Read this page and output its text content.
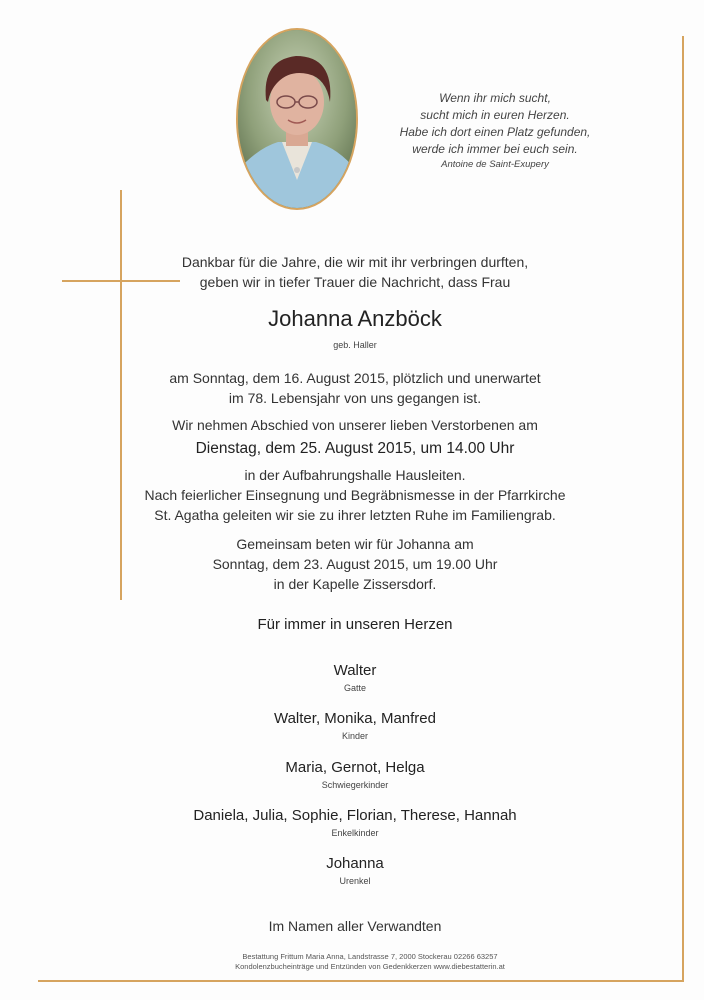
Wenn ihr mich sucht,
sucht mich in euren Herzen.
Habe ich dort einen Platz gefunden,
werde ich immer bei euch sein.
Antoine de Saint-Exupery
Dankbar für die Jahre, die wir mit ihr verbringen durften,
geben wir in tiefer Trauer die Nachricht, dass Frau
Johanna Anzböck
geb. Haller
am Sonntag, dem 16. August 2015, plötzlich und unerwartet
im 78. Lebensjahr von uns gegangen ist.
Wir nehmen Abschied von unserer lieben Verstorbenen am
Dienstag, dem 25. August 2015, um 14.00 Uhr
in der Aufbahrungshalle Hausleiten.
Nach feierlicher Einsegnung und Begräbnismesse in der Pfarrkirche
St. Agatha geleiten wir sie zu ihrer letzten Ruhe im Familiengrab.
Gemeinsam beten wir für Johanna am
Sonntag, dem 23. August 2015, um 19.00 Uhr
in der Kapelle Zissersdorf.
Für immer in unseren Herzen
Walter
Gatte
Walter, Monika, Manfred
Kinder
Maria, Gernot, Helga
Schwiegerkinder
Daniela, Julia, Sophie, Florian, Therese, Hannah
Enkelkinder
Johanna
Urenkel
Im Namen aller Verwandten
Bestattung Frittum Maria Anna, Landstrasse 7, 2000 Stockerau 02266 63257
Kondolenzbucheinträge und Entzünden von Gedenkkerzen www.diebestatterin.at
